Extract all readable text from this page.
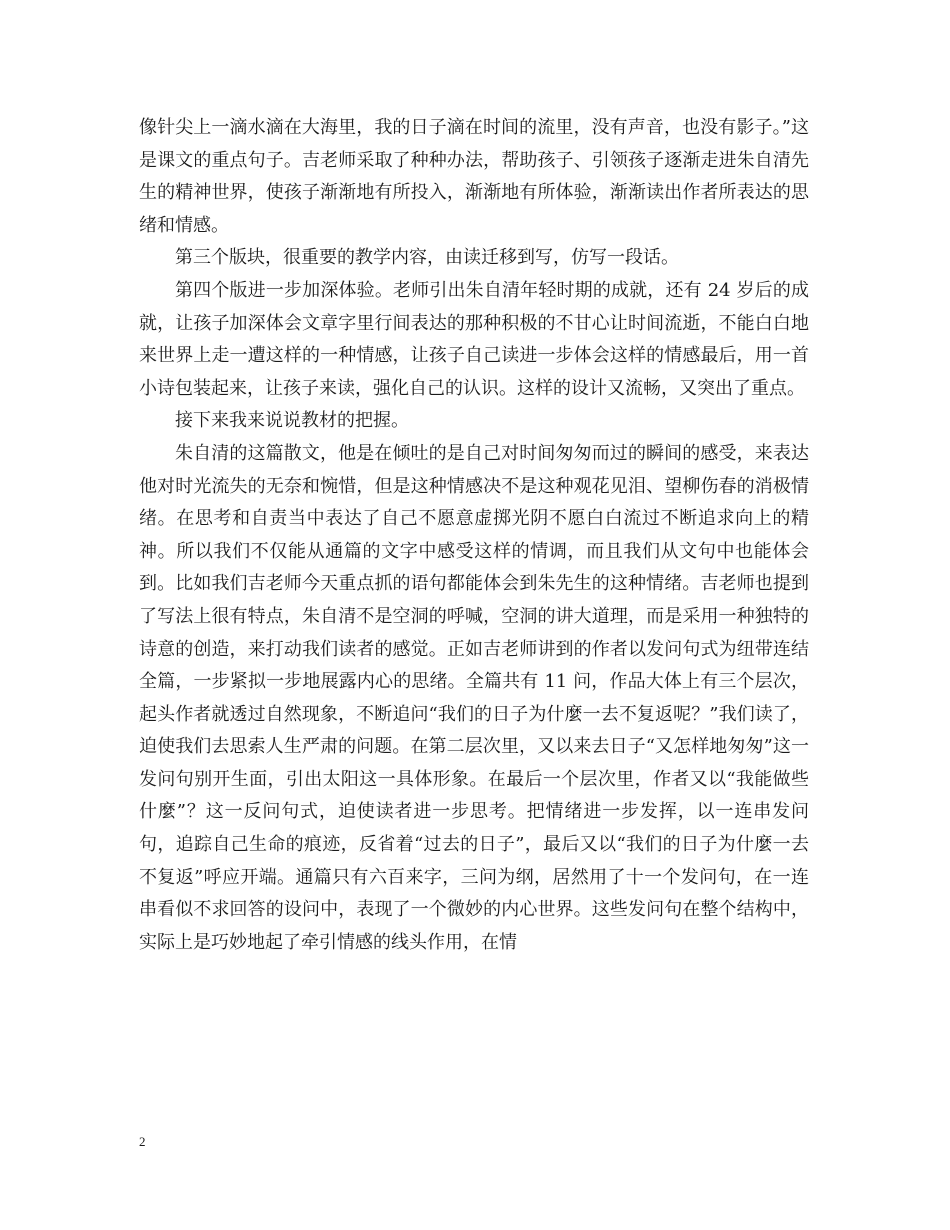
像针尖上一滴水滴在大海里，我的日子滴在时间的流里，没有声音，也没有影子。”这是课文的重点句子。吉老师采取了种种办法，帮助孩子、引领孩子逐渐走进朱自清先生的精神世界，使孩子渐渐地有所投入，渐渐地有所体验，渐渐读出作者所表达的思绪和情感。

第三个版块，很重要的教学内容，由读迁移到写，仿写一段话。

第四个版进一步加深体验。老师引出朱自清年轻时期的成就，还有 24 岁后的成就，让孩子加深体会文章字里行间表达的那种积极的不甘心让时间流逝，不能白白地来世界上走一遭这样的一种情感，让孩子自己读进一步体会这样的情感最后，用一首小诗包装起来，让孩子来读，强化自己的认识。这样的设计又流畅，又突出了重点。

接下来我来说说教材的把握。

朱自清的这篇散文，他是在倾吐的是自己对时间匆匆而过的瞬间的感受，来表达他对时光流失的无奈和惋惜，但是这种情感决不是这种观花见泪、望柳伤春的消极情绪。在思考和自责当中表达了自己不愿意虚掷光阴不愿白白流过不断追求向上的精神。所以我们不仅能从通篇的文字中感受这样的情调，而且我们从文句中也能体会到。比如我们吉老师今天重点抓的语句都能体会到朱先生的这种情绪。吉老师也提到了写法上很有特点，朱自清不是空洞的呼喊，空洞的讲大道理，而是采用一种独特的诗意的创造，来打动我们读者的感觉。正如吉老师讲到的作者以发问句式为纽带连结全篇，一步紧拟一步地展露内心的思绪。全篇共有 11 问，作品大体上有三个层次，起头作者就透过自然现象，不断追问“我们的日子为什麼一去不复返呢？”我们读了，迫使我们去思索人生严肃的问题。在第二层次里，又以来去日子“又怎样地匆匆”这一发问句别开生面，引出太阳这一具体形象。在最后一个层次里，作者又以“我能做些什麼”？这一反问句式，迫使读者进一步思考。把情绪进一步发挥，以一连串发问句，追踪自己生命的痕迹，反省着“过去的日子”，最后又以“我们的日子为什麼一去不复返”呼应开端。通篇只有六百来字，三问为纲，居然用了十一个发问句，在一连串看似不求回答的设问中，表现了一个微妙的内心世界。这些发问句在整个结构中，实际上是巧妙地起了牵引情感的线头作用，在情

2
